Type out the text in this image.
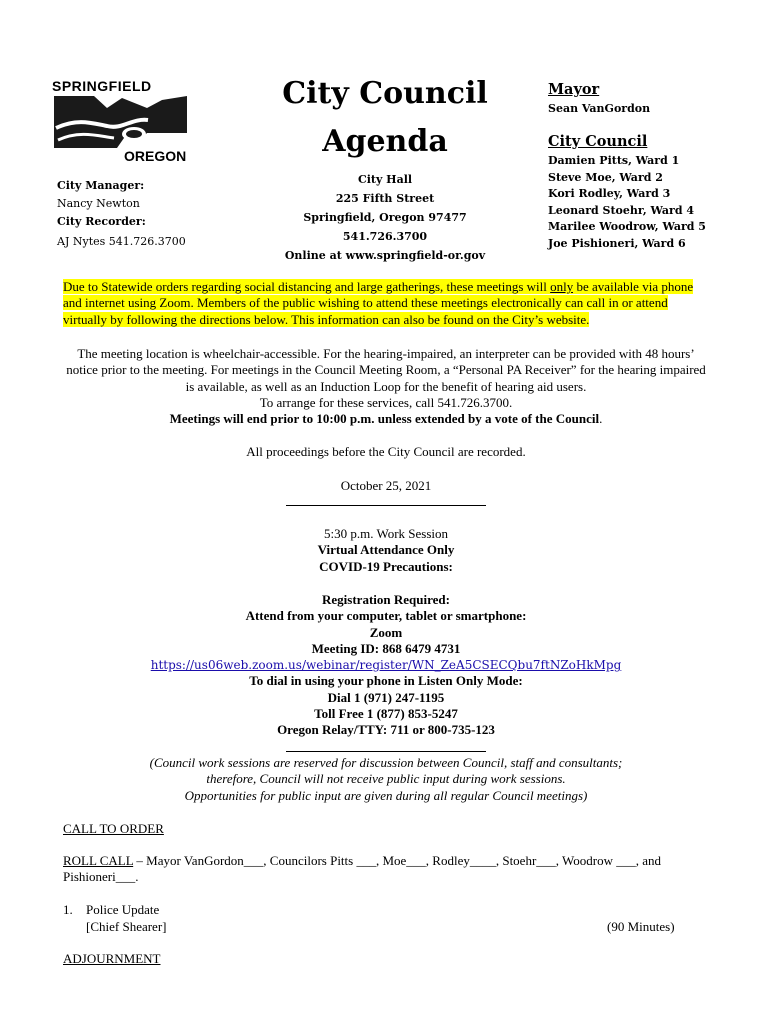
SPRINGFIELD
OREGON
City Manager:
Nancy Newton
City Recorder:
AJ Nytes 541.726.3700
City Council
Agenda
City Hall
225 Fifth Street
Springfield, Oregon 97477
541.726.3700
Online at www.springfield-or.gov
Mayor
Sean VanGordon
City Council
Damien Pitts, Ward 1
Steve Moe, Ward 2
Kori Rodley, Ward 3
Leonard Stoehr, Ward 4
Marilee Woodrow, Ward 5
Joe Pishioneri, Ward 6
Due to Statewide orders regarding social distancing and large gatherings, these meetings will only be available via phone and internet using Zoom. Members of the public wishing to attend these meetings electronically can call in or attend virtually by following the directions below. This information can also be found on the City’s website.
The meeting location is wheelchair-accessible. For the hearing-impaired, an interpreter can be provided with 48 hours’ notice prior to the meeting. For meetings in the Council Meeting Room, a “Personal PA Receiver” for the hearing impaired is available, as well as an Induction Loop for the benefit of hearing aid users.
To arrange for these services, call 541.726.3700.
Meetings will end prior to 10:00 p.m. unless extended by a vote of the Council.
All proceedings before the City Council are recorded.
October 25, 2021
5:30 p.m. Work Session
Virtual Attendance Only
COVID-19 Precautions:
Registration Required:
Attend from your computer, tablet or smartphone:
Zoom
Meeting ID: 868 6479 4731
https://us06web.zoom.us/webinar/register/WN_ZeA5CSECQbu7ftNZoHkMpg
To dial in using your phone in Listen Only Mode:
Dial 1 (971) 247-1195
Toll Free 1 (877) 853-5247
Oregon Relay/TTY: 711 or 800-735-123
(Council work sessions are reserved for discussion between Council, staff and consultants;
therefore, Council will not receive public input during work sessions.
Opportunities for public input are given during all regular Council meetings)
CALL TO ORDER
ROLL CALL – Mayor VanGordon___, Councilors Pitts ___, Moe___, Rodley____, Stoehr___, Woodrow ___, and Pishioneri___.
1. Police Update
[Chief Shearer]	(90 Minutes)
ADJOURNMENT
